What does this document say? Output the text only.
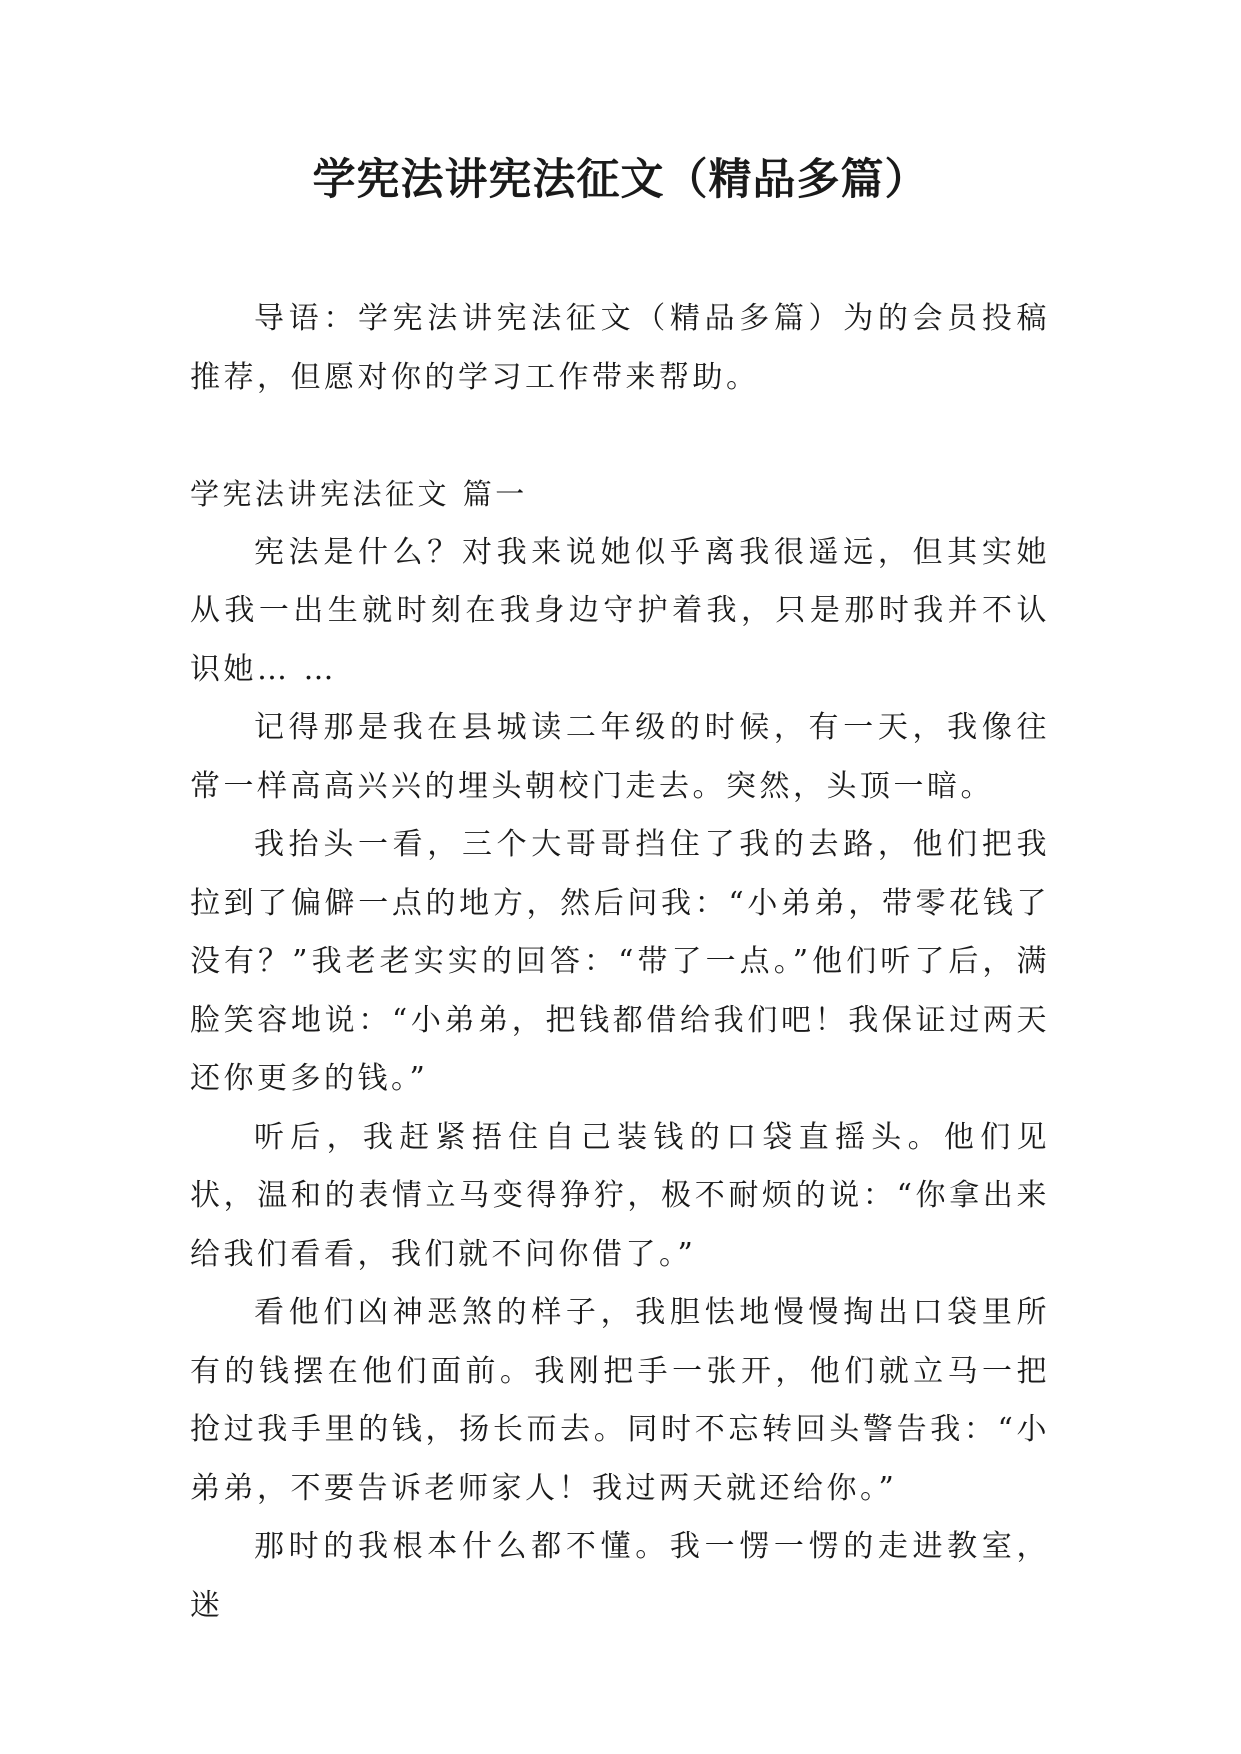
学宪法讲宪法征文（精品多篇）

导语：学宪法讲宪法征文（精品多篇）为的会员投稿推荐，但愿对你的学习工作带来帮助。

学宪法讲宪法征文 篇一

宪法是什么？对我来说她似乎离我很遥远，但其实她从我一出生就时刻在我身边守护着我，只是那时我并不认识她… …

记得那是我在县城读二年级的时候，有一天，我像往常一样高高兴兴的埋头朝校门走去。突然，头顶一暗。

我抬头一看，三个大哥哥挡住了我的去路，他们把我拉到了偏僻一点的地方，然后问我：“小弟弟，带零花钱了没有？”我老老实实的回答：“带了一点。”他们听了后，满脸笑容地说：“小弟弟，把钱都借给我们吧！我保证过两天还你更多的钱。”

听后，我赶紧捂住自己装钱的口袋直摇头。他们见状，温和的表情立马变得狰狞，极不耐烦的说：“你拿出来给我们看看，我们就不问你借了。”

看他们凶神恶煞的样子，我胆怯地慢慢掏出口袋里所有的钱摆在他们面前。我刚把手一张开，他们就立马一把抢过我手里的钱，扬长而去。同时不忘转回头警告我：“小弟弟，不要告诉老师家人！我过两天就还给你。”

那时的我根本什么都不懂。我一愣一愣的走进教室，迷
